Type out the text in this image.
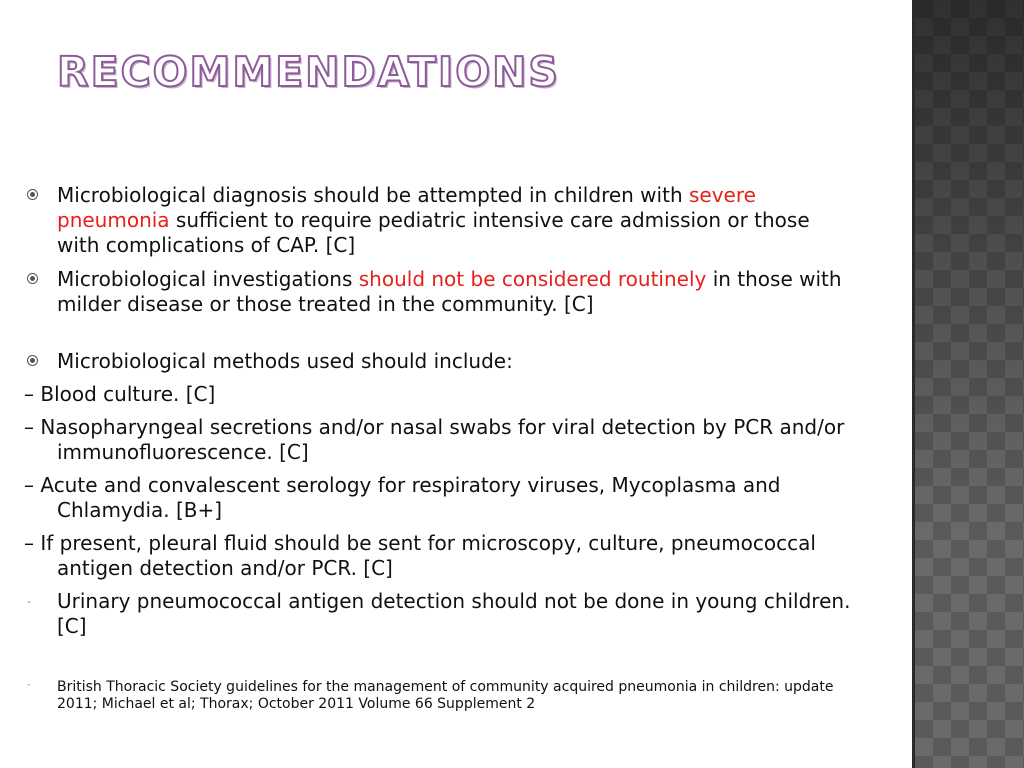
RECOMMENDATIONS
Microbiological diagnosis should be attempted in children with severe pneumonia sufficient to require pediatric intensive care admission or those with complications of CAP. [C]
Microbiological investigations should not be considered routinely in those with milder disease or those treated in the community. [C]
Microbiological methods used should include:
– Blood culture. [C]
– Nasopharyngeal secretions and/or nasal swabs for viral detection by PCR and/or immunofluorescence. [C]
– Acute and convalescent serology for respiratory viruses, Mycoplasma and Chlamydia. [B+]
– If present, pleural fluid should be sent for microscopy, culture, pneumococcal antigen detection and/or PCR. [C]
- Urinary pneumococcal antigen detection should not be done in young children. [C]
- British Thoracic Society guidelines for the management of community acquired pneumonia in children: update 2011; Michael et al; Thorax; October 2011 Volume 66 Supplement 2
